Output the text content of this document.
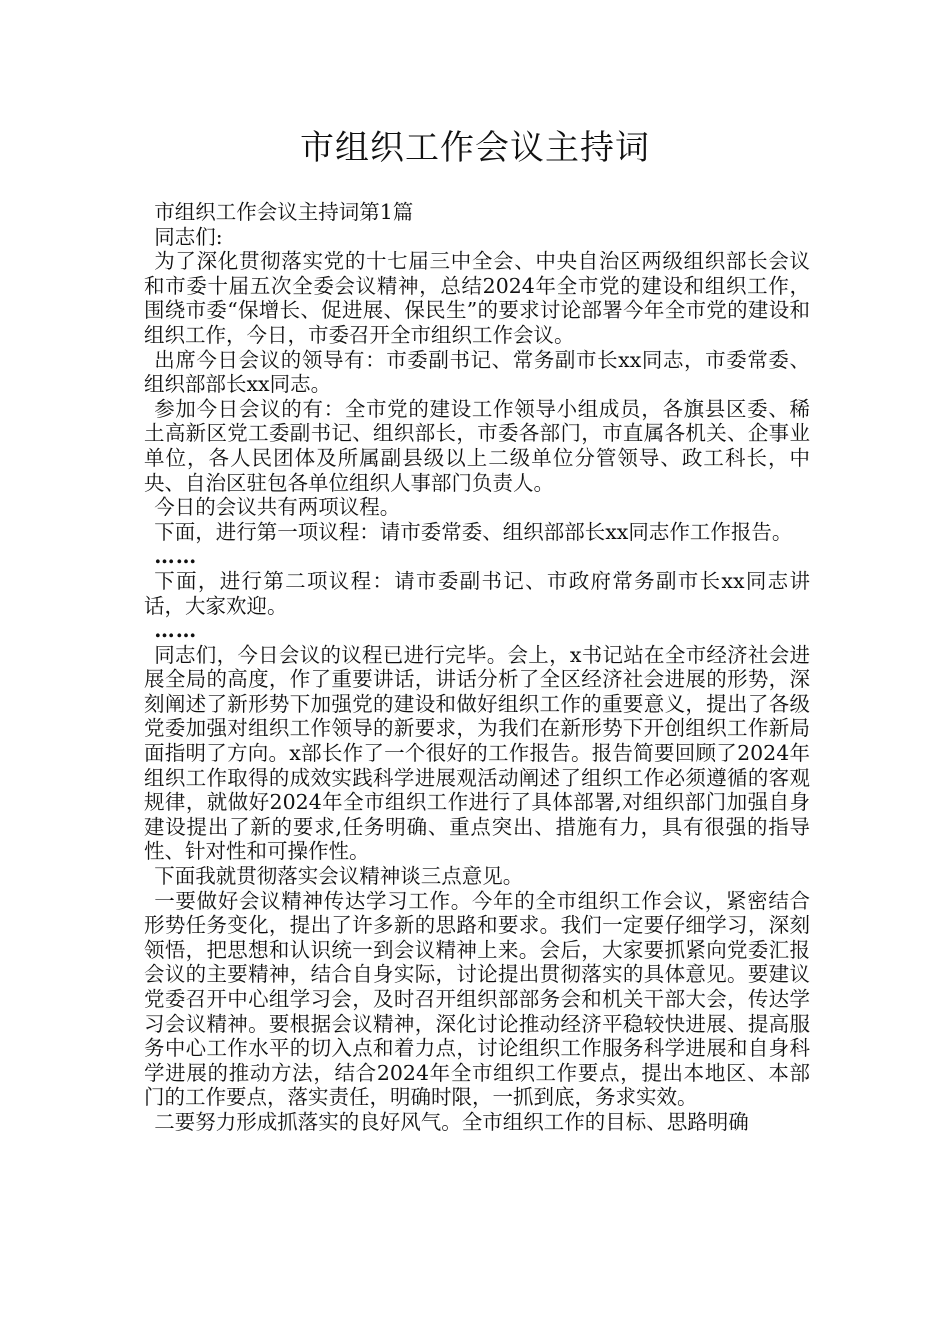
市组织工作会议主持词

市组织工作会议主持词第1篇

同志们:

为了深化贯彻落实党的十七届三中全会、中央自治区两级组织部长会议和市委十届五次全委会议精神，总结2024年全市党的建设和组织工作，围绕市委“保增长、促进展、保民生”的要求讨论部署今年全市党的建设和组织工作，今日，市委召开全市组织工作会议。

出席今日会议的领导有：市委副书记、常务副市长xx同志，市委常委、组织部部长xx同志。

参加今日会议的有：全市党的建设工作领导小组成员，各旗县区委、稀土高新区党工委副书记、组织部长，市委各部门，市直属各机关、企事业单位，各人民团体及所属副县级以上二级单位分管领导、政工科长，中央、自治区驻包各单位组织人事部门负责人。

今日的会议共有两项议程。

下面，进行第一项议程：请市委常委、组织部部长xx同志作工作报告。

……

下面，进行第二项议程：请市委副书记、市政府常务副市长xx同志讲话，大家欢迎。

……

同志们，今日会议的议程已进行完毕。会上，x书记站在全市经济社会进展全局的高度，作了重要讲话，讲话分析了全区经济社会进展的形势，深刻阐述了新形势下加强党的建设和做好组织工作的重要意义，提出了各级党委加强对组织工作领导的新要求，为我们在新形势下开创组织工作新局面指明了方向。x部长作了一个很好的工作报告。报告简要回顾了2024年组织工作取得的成效实践科学进展观活动阐述了组织工作必须遵循的客观规律，就做好2024年全市组织工作进行了具体部署,对组织部门加强自身建设提出了新的要求,任务明确、重点突出、措施有力，具有很强的指导性、针对性和可操作性。

下面我就贯彻落实会议精神谈三点意见。

一要做好会议精神传达学习工作。今年的全市组织工作会议，紧密结合形势任务变化，提出了许多新的思路和要求。我们一定要仔细学习，深刻领悟，把思想和认识统一到会议精神上来。会后，大家要抓紧向党委汇报会议的主要精神，结合自身实际，讨论提出贯彻落实的具体意见。要建议党委召开中心组学习会，及时召开组织部部务会和机关干部大会，传达学习会议精神。要根据会议精神，深化讨论推动经济平稳较快进展、提高服务中心工作水平的切入点和着力点，讨论组织工作服务科学进展和自身科学进展的推动方法，结合2024年全市组织工作要点，提出本地区、本部门的工作要点，落实责任，明确时限，一抓到底，务求实效。

二要努力形成抓落实的良好风气。全市组织工作的目标、思路明确
